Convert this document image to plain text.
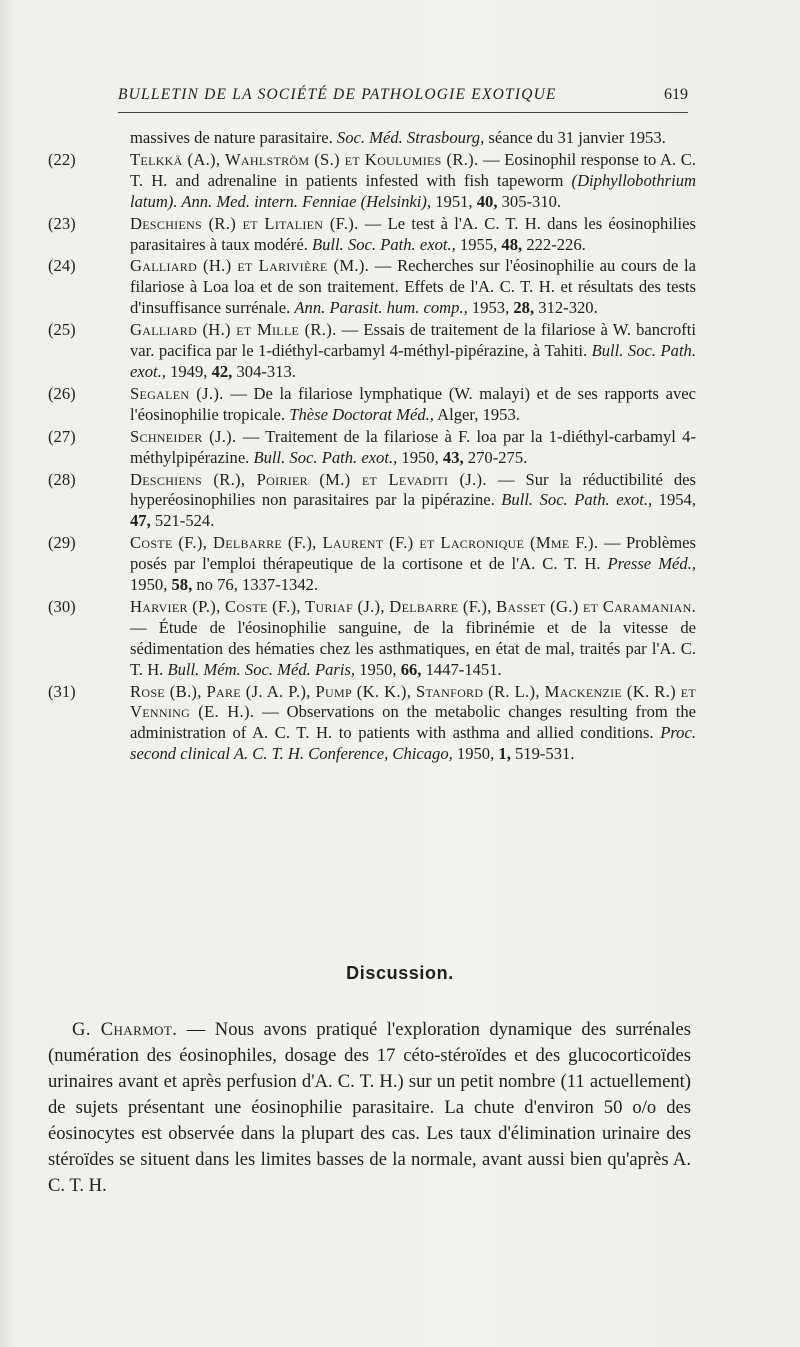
BULLETIN DE LA SOCIÉTÉ DE PATHOLOGIE EXOTIQUE	619
massives de nature parasitaire. Soc. Méd. Strasbourg, séance du 31 janvier 1953.
(22)	Telkkä (A.), Wahlström (S.) et Koulumies (R.). — Eosinophil response to A. C. T. H. and adrenaline in patients infested with fish tapeworm (Diphyllobothrium latum). Ann. Med. intern. Fenniae (Helsinki), 1951, 40, 305-310.
(23)	Deschiens (R.) et Litalien (F.). — Le test à l'A. C. T. H. dans les éosinophilies parasitaires à taux modéré. Bull. Soc. Path. exot., 1955, 48, 222-226.
(24)	Galliard (H.) et Larivière (M.). — Recherches sur l'éosinophilie au cours de la filariose à Loa loa et de son traitement. Effets de l'A. C. T. H. et résultats des tests d'insuffisance surrénale. Ann. Parasit. hum. comp., 1953, 28, 312-320.
(25)	Galliard (H.) et Mille (R.). — Essais de traitement de la filariose à W. bancrofti var. pacifica par le 1-diéthyl-carbamyl 4-méthyl-pipérazine, à Tahiti. Bull. Soc. Path. exot., 1949, 42, 304-313.
(26)	Segalen (J.). — De la filariose lymphatique (W. malayi) et de ses rapports avec l'éosinophilie tropicale. Thèse Doctorat Méd., Alger, 1953.
(27)	Schneider (J.). — Traitement de la filariose à F. loa par la 1-diéthyl-carbamyl 4-méthylpipérazine. Bull. Soc. Path. exot., 1950, 43, 270-275.
(28)	Deschiens (R.), Poirier (M.) et Levaditi (J.). — Sur la réductibilité des hyperéosinophilies non parasitaires par la pipérazine. Bull. Soc. Path. exot., 1954, 47, 521-524.
(29)	Coste (F.), Delbarre (F.), Laurent (F.) et Lacronique (Mme F.). — Problèmes posés par l'emploi thérapeutique de la cortisone et de l'A. C. T. H. Presse Méd., 1950, 58, no 76, 1337-1342.
(30)	Harvier (P.), Coste (F.), Turiaf (J.), Delbarre (F.), Basset (G.) et Caramanian. — Étude de l'éosinophilie sanguine, de la fibrinémie et de la vitesse de sédimentation des hématies chez les asthmatiques, en état de mal, traités par l'A. C. T. H. Bull. Mém. Soc. Méd. Paris, 1950, 66, 1447-1451.
(31)	Rose (B.), Pare (J. A. P.), Pump (K. K.), Stanford (R. L.), Mackenzie (K. R.) et Venning (E. H.). — Observations on the metabolic changes resulting from the administration of A. C. T. H. to patients with asthma and allied conditions. Proc. second clinical A. C. T. H. Conference, Chicago, 1950, 1, 519-531.
Discussion.
G. Charmot. — Nous avons pratiqué l'exploration dynamique des surrénales (numération des éosinophiles, dosage des 17 céto-stéroïdes et des glucocorticoïdes urinaires avant et après perfusion d'A. C. T. H.) sur un petit nombre (11 actuellement) de sujets présentant une éosinophilie parasitaire. La chute d'environ 50 o/o des éosinocytes est observée dans la plupart des cas. Les taux d'élimination urinaire des stéroïdes se situent dans les limites basses de la normale, avant aussi bien qu'après A. C. T. H.
